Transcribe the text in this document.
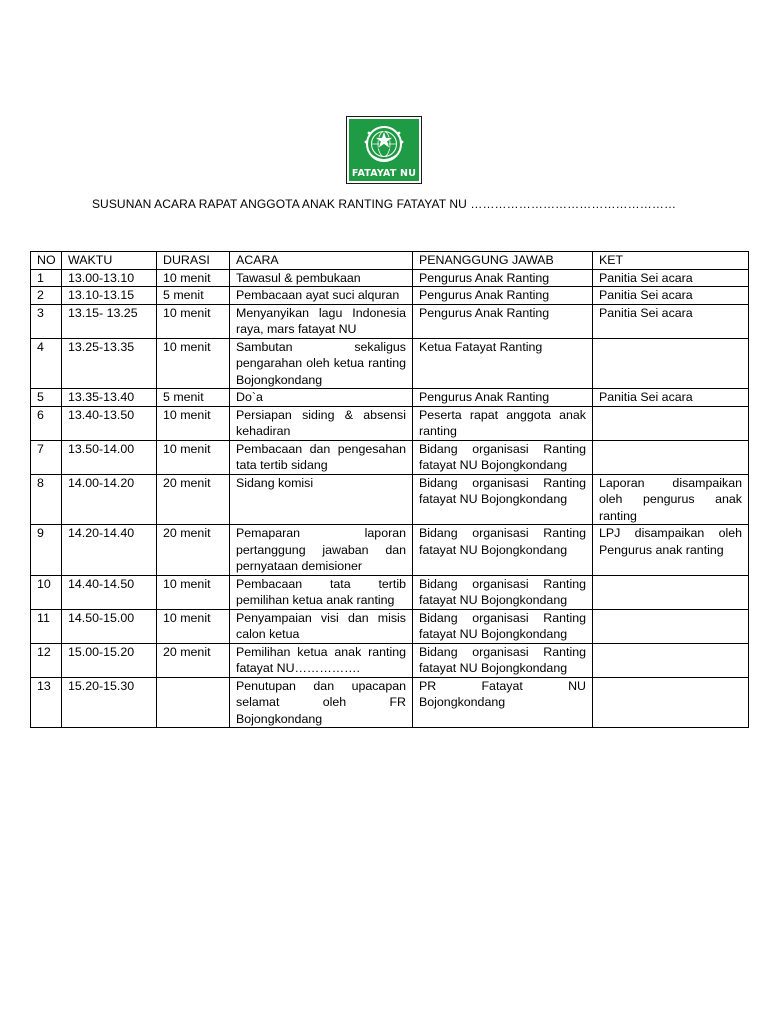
FATAYAT NU
SUSUNAN ACARA RAPAT ANGGOTA ANAK RANTING FATAYAT NU ……………………………………………
NO	WAKTU	DURASI	ACARA	PENANGGUNG JAWAB	KET
1	13.00-13.10	10 menit	Tawasul & pembukaan	Pengurus Anak Ranting	Panitia Sei acara
2	13.10-13.15	5 menit	Pembacaan ayat suci alquran	Pengurus Anak Ranting	Panitia Sei acara
3	13.15- 13.25	10 menit	Menyanyikan lagu Indonesia raya, mars fatayat NU	Pengurus Anak Ranting	Panitia Sei acara
4	13.25-13.35	10 menit	Sambutan sekaligus pengarahan oleh ketua ranting Bojongkondang	Ketua Fatayat Ranting	
5	13.35-13.40	5 menit	Do`a	Pengurus Anak Ranting	Panitia Sei acara
6	13.40-13.50	10 menit	Persiapan siding & absensi kehadiran	Peserta rapat anggota anak ranting	
7	13.50-14.00	10 menit	Pembacaan dan pengesahan tata tertib sidang	Bidang organisasi Ranting fatayat NU Bojongkondang	
8	14.00-14.20	20 menit	Sidang komisi	Bidang organisasi Ranting fatayat NU Bojongkondang	Laporan disampaikan oleh pengurus anak ranting
9	14.20-14.40	20 menit	Pemaparan laporan pertanggung jawaban dan pernyataan demisioner	Bidang organisasi Ranting fatayat NU Bojongkondang	LPJ disampaikan oleh Pengurus anak ranting
10	14.40-14.50	10 menit	Pembacaan tata tertib pemilihan ketua anak ranting	Bidang organisasi Ranting fatayat NU Bojongkondang	
11	14.50-15.00	10 menit	Penyampaian visi dan misis calon ketua	Bidang organisasi Ranting fatayat NU Bojongkondang	
12	15.00-15.20	20 menit	Pemilihan ketua anak ranting fatayat NU…………….	Bidang organisasi Ranting fatayat NU Bojongkondang	
13	15.20-15.30		Penutupan dan upacapan selamat oleh FR Bojongkondang	PR Fatayat NU Bojongkondang	
